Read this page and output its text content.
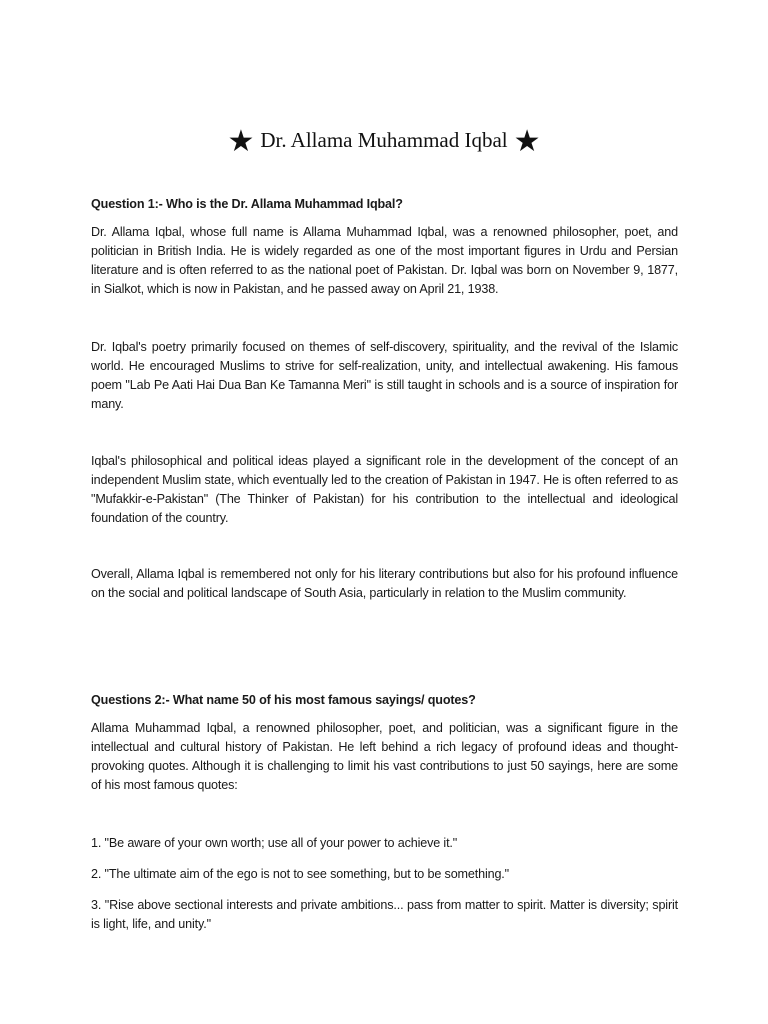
★ Dr. Allama Muhammad Iqbal ★
Question 1:- Who is the Dr. Allama Muhammad Iqbal?
Dr. Allama Iqbal, whose full name is Allama Muhammad Iqbal, was a renowned philosopher, poet, and politician in British India. He is widely regarded as one of the most important figures in Urdu and Persian literature and is often referred to as the national poet of Pakistan. Dr. Iqbal was born on November 9, 1877, in Sialkot, which is now in Pakistan, and he passed away on April 21, 1938.
Dr. Iqbal's poetry primarily focused on themes of self-discovery, spirituality, and the revival of the Islamic world. He encouraged Muslims to strive for self-realization, unity, and intellectual awakening. His famous poem "Lab Pe Aati Hai Dua Ban Ke Tamanna Meri" is still taught in schools and is a source of inspiration for many.
Iqbal's philosophical and political ideas played a significant role in the development of the concept of an independent Muslim state, which eventually led to the creation of Pakistan in 1947. He is often referred to as "Mufakkir-e-Pakistan" (The Thinker of Pakistan) for his contribution to the intellectual and ideological foundation of the country.
Overall, Allama Iqbal is remembered not only for his literary contributions but also for his profound influence on the social and political landscape of South Asia, particularly in relation to the Muslim community.
Questions 2:- What name 50 of his most famous sayings/ quotes?
Allama Muhammad Iqbal, a renowned philosopher, poet, and politician, was a significant figure in the intellectual and cultural history of Pakistan. He left behind a rich legacy of profound ideas and thought-provoking quotes. Although it is challenging to limit his vast contributions to just 50 sayings, here are some of his most famous quotes:
1. "Be aware of your own worth; use all of your power to achieve it."
2. "The ultimate aim of the ego is not to see something, but to be something."
3. "Rise above sectional interests and private ambitions... pass from matter to spirit. Matter is diversity; spirit is light, life, and unity."
